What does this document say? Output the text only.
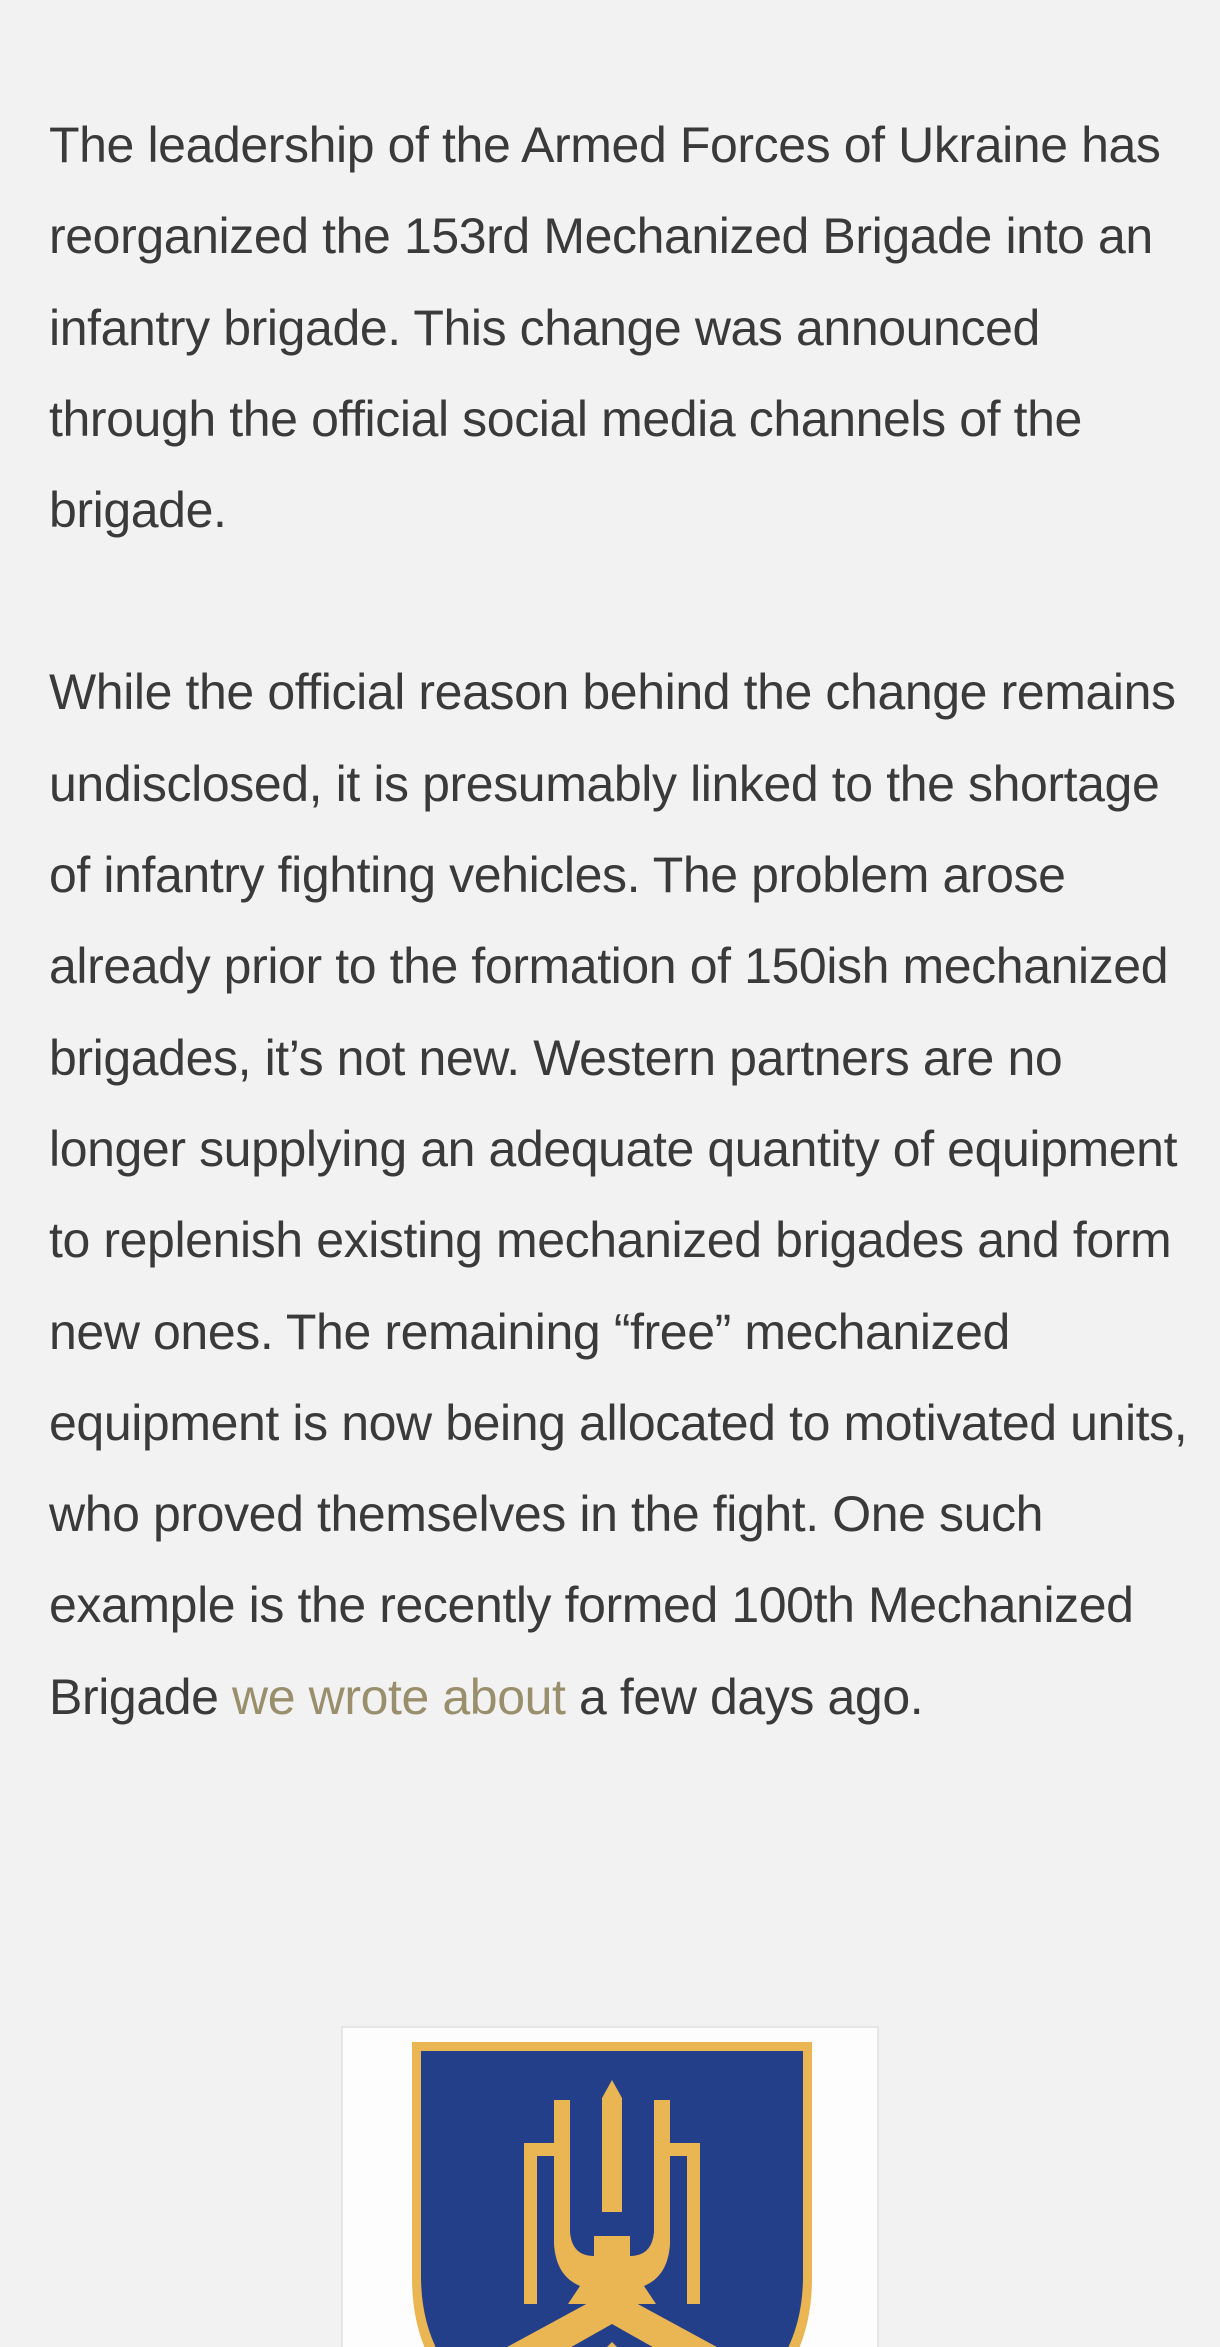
The leadership of the Armed Forces of Ukraine has reorganized the 153rd Mechanized Brigade into an infantry brigade. This change was announced through the official social media channels of the brigade.

While the official reason behind the change remains undisclosed, it is presumably linked to the shortage of infantry fighting vehicles. The problem arose already prior to the formation of 150ish mechanized brigades, it’s not new. Western partners are no longer supplying an adequate quantity of equipment to replenish existing mechanized brigades and form new ones. The remaining “free” mechanized equipment is now being allocated to motivated units, who proved themselves in the fight. One such example is the recently formed 100th Mechanized Brigade we wrote about a few days ago.
